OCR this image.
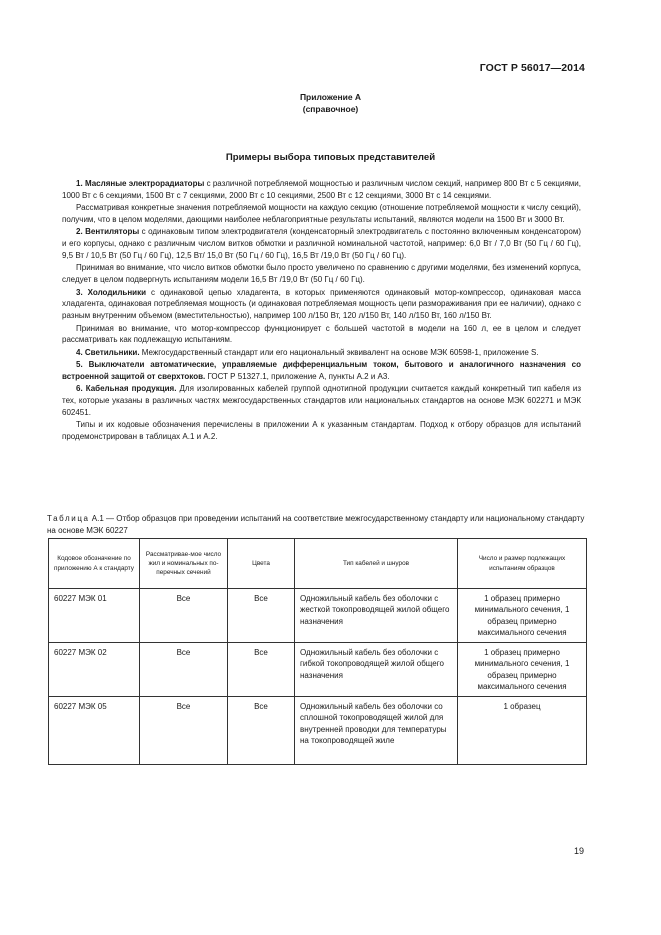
ГОСТ Р 56017—2014
Приложение А
(справочное)
Примеры выбора типовых представителей

1. Масляные электрорадиаторы с различной потребляемой мощностью и различным числом секций, например 800 Вт с 5 секциями, 1000 Вт с 6 секциями, 1500 Вт с 7 секциями, 2000 Вт с 10 секциями, 2500 Вт с 12 секциями, 3000 Вт с 14 секциями.

Рассматривая конкретные значения потребляемой мощности на каждую секцию (отношение потребляемой мощности к числу секций), получим, что в целом моделями, дающими наиболее неблагоприятные результаты испытаний, являются модели на 1500 Вт и 3000 Вт.

2. Вентиляторы с одинаковым типом электродвигателя (конденсаторный электродвигатель с постоянно включенным конденсатором) и его корпусы, однако с различным числом витков обмотки и различной номинальной частотой, например: 6,0 Вт / 7,0 Вт (50 Гц / 60 Гц), 9,5 Вт / 10,5 Вт (50 Гц / 60 Гц), 12,5 Вт/ 15,0 Вт (50 Гц / 60 Гц), 16,5 Вт /19,0 Вт (50 Гц / 60 Гц).

Принимая во внимание, что число витков обмотки было просто увеличено по сравнению с другими моделями, без изменений корпуса, следует в целом подвергнуть испытаниям модели 16,5 Вт /19,0 Вт (50 Гц / 60 Гц).

3. Холодильники с одинаковой цепью хладагента, в которых применяются одинаковый мотор-компрессор, одинаковая масса хладагента, одинаковая потребляемая мощность (и одинаковая потребляемая мощность цепи размораживания при ее наличии), однако с разным внутренним объемом (вместительностью), например 100 л/150 Вт, 120 л/150 Вт, 140 л/150 Вт, 160 л/150 Вт.

Принимая во внимание, что мотор-компрессор функционирует с большей частотой в модели на 160 л, ее в целом и следует рассматривать как подлежащую испытаниям.

4. Светильники. Межгосударственный стандарт или его национальный эквивалент на основе МЭК 60598-1, приложение S.

5. Выключатели автоматические, управляемые дифференциальным током, бытового и аналогичного назначения со встроенной защитой от сверхтоков. ГОСТ Р 51327.1, приложение А, пункты А.2 и А3.

6. Кабельная продукция. Для изолированных кабелей группой однотипной продукции считается каждый конкретный тип кабеля из тех, которые указаны в различных частях межгосударственных стандартов или национальных стандартов на основе МЭК 602271 и МЭК 602451.

Типы и их кодовые обозначения перечислены в приложении А к указанным стандартам. Подход к отбору образцов для испытаний продемонстрирован в таблицах А.1 и А.2.

Таблица А.1 — Отбор образцов при проведении испытаний на соответствие межгосударственному стандарту или национальному стандарту на основе МЭК 60227
Кодовое обозначение по приложению А к стандарту	Рассматривае-мое число жил и номинальных по-перечных сечений	Цвета	Тип кабелей и шнуров	Число и размер подлежащих испытаниям образцов
60227 МЭК 01	Все	Все	Одножильный кабель без оболочки с жесткой токопроводящей жилой общего назначения	1 образец примерно минимального сечения, 1 образец примерно максимального сечения
60227 МЭК 02	Все	Все	Одножильный кабель без оболочки с гибкой токопроводящей жилой общего назначения	1 образец примерно минимального сечения, 1 образец примерно максимального сечения
60227 МЭК 05	Все	Все	Одножильный кабель без оболочки со сплошной токопроводящей жилой для внутренней проводки для температуры на токопроводящей жиле	1 образец
19
